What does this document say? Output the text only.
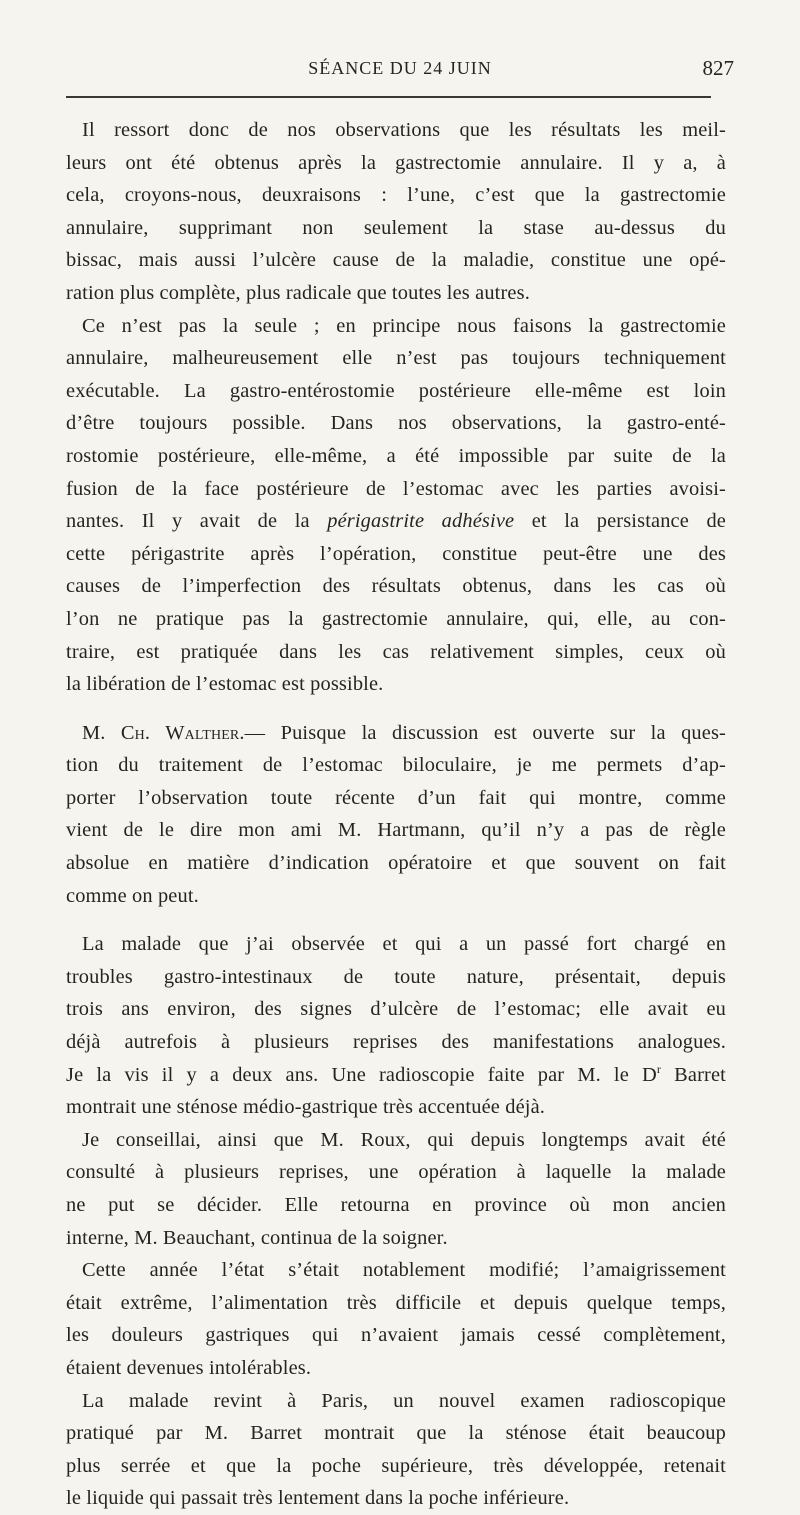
SÉANCE DU 24 JUIN	827
Il ressort donc de nos observations que les résultats les meil-
leurs ont été obtenus après la gastrectomie annulaire. Il y a, à
cela, croyons-nous, deuxraisons : l’une, c’est que la gastrectomie
annulaire, supprimant non seulement la stase au-dessus du
bissac, mais aussi l’ulcère cause de la maladie, constitue une opé-
ration plus complète, plus radicale que toutes les autres.
Ce n’est pas la seule ; en principe nous faisons la gastrectomie
annulaire, malheureusement elle n’est pas toujours techniquement
exécutable. La gastro-entérostomie postérieure elle-même est loin
d’être toujours possible. Dans nos observations, la gastro-enté-
rostomie postérieure, elle-même, a été impossible par suite de la
fusion de la face postérieure de l’estomac avec les parties avoisi-
nantes. Il y avait de la périgastrite adhésive et la persistance de
cette périgastrite après l’opération, constitue peut-être une des
causes de l’imperfection des résultats obtenus, dans les cas où
l’on ne pratique pas la gastrectomie annulaire, qui, elle, au con-
traire, est pratiquée dans les cas relativement simples, ceux où
la libération de l’estomac est possible.
M. Ch. Walther.— Puisque la discussion est ouverte sur la ques-
tion du traitement de l’estomac biloculaire, je me permets d’ap-
porter l’observation toute récente d’un fait qui montre, comme
vient de le dire mon ami M. Hartmann, qu’il n’y a pas de règle
absolue en matière d’indication opératoire et que souvent on fait
comme on peut.
La malade que j’ai observée et qui a un passé fort chargé en
troubles gastro-intestinaux de toute nature, présentait, depuis
trois ans environ, des signes d’ulcère de l’estomac; elle avait eu
déjà autrefois à plusieurs reprises des manifestations analogues.
Je la vis il y a deux ans. Une radioscopie faite par M. le $D^r$ Barret
montrait une sténose médio-gastrique très accentuée déjà.
Je conseillai, ainsi que M. Roux, qui depuis longtemps avait été
consulté à plusieurs reprises, une opération à laquelle la malade
ne put se décider. Elle retourna en province où mon ancien
interne, M. Beauchant, continua de la soigner.
Cette année l’état s’était notablement modifié; l’amaigrissement
était extrême, l’alimentation très difficile et depuis quelque temps,
les douleurs gastriques qui n’avaient jamais cessé complètement,
étaient devenues intolérables.
La malade revint à Paris, un nouvel examen radioscopique
pratiqué par M. Barret montrait que la sténose était beaucoup
plus serrée et que la poche supérieure, très développée, retenait
le liquide qui passait très lentement dans la poche inférieure.
